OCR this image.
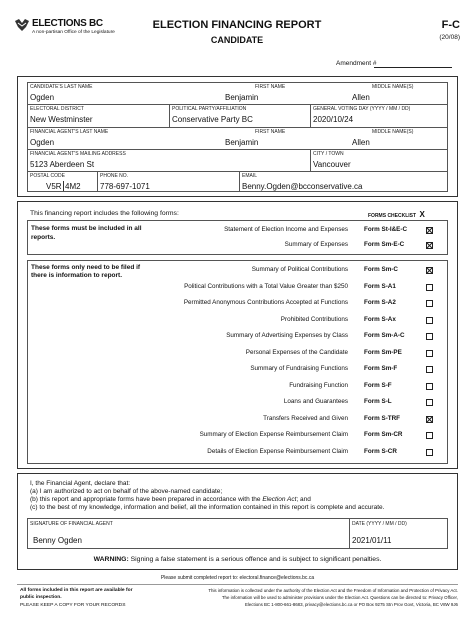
ELECTIONS BC
A non-partisan Office of the Legislature
ELECTION FINANCING REPORT
CANDIDATE
F-C
(20/08)
Amendment #
CANDIDATE'S LAST NAME
Ogden
FIRST NAME
Benjamin
MIDDLE NAME(S)
Allen
ELECTORAL DISTRICT
New Westminster
POLITICAL PARTY/AFFILIATION
Conservative Party BC
GENERAL VOTING DAY (YYYY / MM / DD)
2020/10/24
FINANCIAL AGENT'S LAST NAME
Ogden
FIRST NAME
Benjamin
MIDDLE NAME(S)
Allen
FINANCIAL AGENT'S MAILING ADDRESS
5123 Aberdeen St
CITY / TOWN
Vancouver
POSTAL CODE
V5R 4M2
PHONE NO.
778-697-1071
EMAIL
Benny.Ogden@bcconservative.ca
This financing report includes the following forms:	FORMS CHECKLIST X
These forms must be included in all reports.
Statement of Election Income and Expenses	Form St-I&E-C
Summary of Expenses	Form Sm-E-C
These forms only need to be filed if there is information to report.
Summary of Political Contributions	Form Sm-C
Political Contributions with a Total Value Greater than $250	Form S-A1
Permitted Anonymous Contributions Accepted at Functions	Form S-A2
Prohibited Contributions	Form S-Ax
Summary of Advertising Expenses by Class	Form Sm-A-C
Personal Expenses of the Candidate	Form Sm-PE
Summary of Fundraising Functions	Form Sm-F
Fundraising Function	Form S-F
Loans and Guarantees	Form S-L
Transfers Received and Given	Form S-TRF
Summary of Election Expense Reimbursement Claim	Form Sm-CR
Details of Election Expense Reimbursement Claim	Form S-CR
I, the Financial Agent, declare that:
(a) I am authorized to act on behalf of the above-named candidate;
(b) this report and appropriate forms have been prepared in accordance with the Election Act; and
(c) to the best of my knowledge, information and belief, all the information contained in this report is complete and accurate.
SIGNATURE OF FINANCIAL AGENT
Benny Ogden
DATE (YYYY / MM / DD)
2021/01/11
WARNING: Signing a false statement is a serious offence and is subject to significant penalties.
Please submit completed report to: electoral.finance@elections.bc.ca
All forms included in this report are available for public inspection.
PLEASE KEEP A COPY FOR YOUR RECORDS
This information is collected under the authority of the Election Act and the Freedom of Information and Protection of Privacy Act.
The information will be used to administer provisions under the Election Act. Questions can be directed to: Privacy Officer,
Elections BC 1-800-661-8683, privacy@elections.bc.ca or PO Box 9275 Stn Prov Govt, Victoria, BC V8W 9J6
